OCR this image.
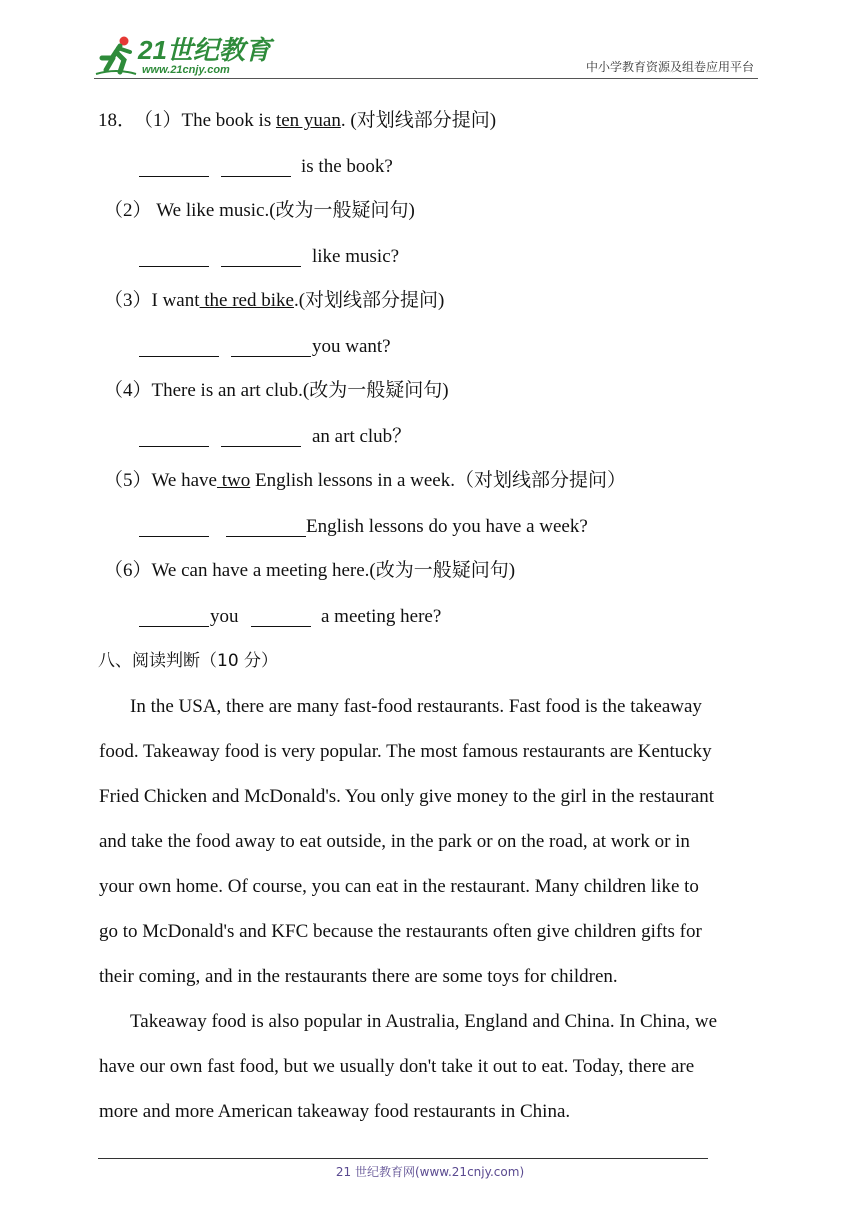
21世纪教育
www.21cnjy.com	中小学教育资源及组卷应用平台
18．
（1）The book is ten yuan. (对划线部分提问)
is the book?
（2） We like music.(改为一般疑问句)
like music?
（3）I want the red bike.(对划线部分提问)
you want?
（4）There is an art club.(改为一般疑问句)
an art club？
（5）We have two English lessons in a week.（对划线部分提问）
English lessons do you have a week?
（6）We can have a meeting here.(改为一般疑问句)
you	a meeting here?
八、阅读判断（10 分）
In the USA, there are many fast-food restaurants. Fast food is the takeaway
food. Takeaway food is very popular. The most famous restaurants are Kentucky
Fried Chicken and McDonald's. You only give money to the girl in the restaurant
and take the food away to eat outside, in the park or on the road, at work or in
your own home. Of course, you can eat in the restaurant. Many children like to
go to McDonald's and KFC because the restaurants often give children gifts for
their coming, and in the restaurants there are some toys for children.
Takeaway food is also popular in Australia, England and China. In China, we
have our own fast food, but we usually don't take it out to eat. Today, there are
more and more American takeaway food restaurants in China.
21 世纪教育网(www.21cnjy.com)
